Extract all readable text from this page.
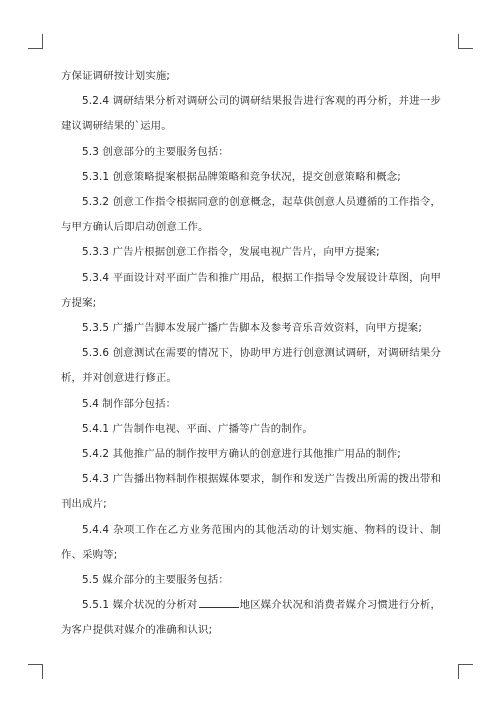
方保证调研按计划实施;

5.2.4 调研结果分析对调研公司的调研结果报告进行客观的再分析，并进一步建议调研结果的`运用。

5.3 创意部分的主要服务包括：

5.3.1 创意策略提案根据品牌策略和竞争状况，提交创意策略和概念;

5.3.2 创意工作指令根据同意的创意概念，起草供创意人员遵循的工作指令，与甲方确认后即启动创意工作。

5.3.3 广告片根据创意工作指令，发展电视广告片，向甲方提案;

5.3.4 平面设计对平面广告和推广用品，根据工作指导令发展设计草图，向甲方提案;

5.3.5 广播广告脚本发展广播广告脚本及参考音乐音效资料，向甲方提案;

5.3.6 创意测试在需要的情况下，协助甲方进行创意测试调研，对调研结果分析，并对创意进行修正。

5.4 制作部分包括：

5.4.1 广告制作电视、平面、广播等广告的制作。

5.4.2 其他推广品的制作按甲方确认的创意进行其他推广用品的制作;

5.4.3 广告播出物料制作根据媒体要求，制作和发送广告拨出所需的拨出带和刊出成片;

5.4.4 杂项工作在乙方业务范围内的其他活动的计划实施、物料的设计、制作、采购等;

5.5 媒介部分的主要服务包括：

5.5.1 媒介状况的分析对	地区媒介状况和消费者媒介习惯进行分析，为客户提供对媒介的准确和认识;
